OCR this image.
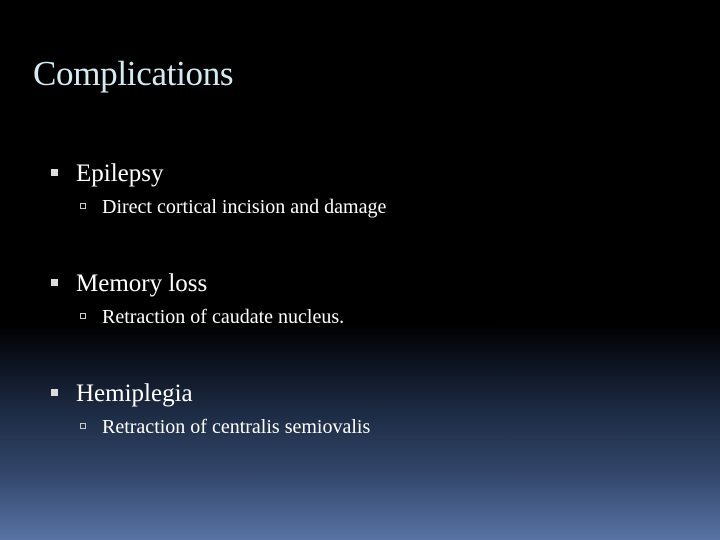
Complications
Epilepsy
Direct cortical incision and damage
Memory loss
Retraction of caudate nucleus.
Hemiplegia
Retraction of centralis semiovalis
